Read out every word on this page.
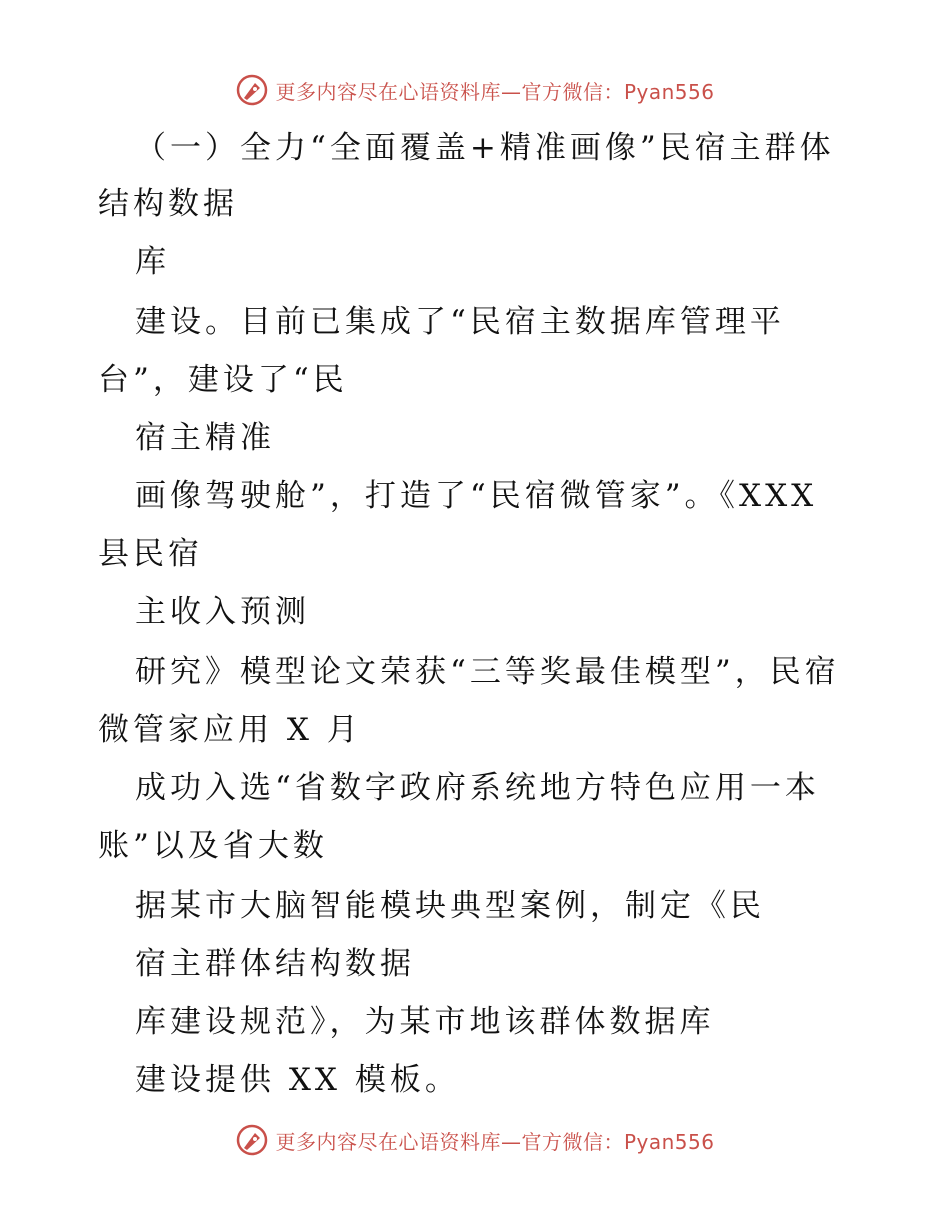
更多内容尽在心语资料库—官方微信：Pyan556
（一）全力“全面覆盖+精准画像”民宿主群体
结构数据
库
建设。目前已集成了“民宿主数据库管理平
台”，建设了“民
宿主精准
画像驾驶舱”，打造了“民宿微管家”。《XXX
县民宿
主收入预测
研究》模型论文荣获“三等奖最佳模型”，民宿
微管家应用 X 月
成功入选“省数字政府系统地方特色应用一本
账”以及省大数
据某市大脑智能模块典型案例，制定《民
宿主群体结构数据
库建设规范》，为某市地该群体数据库
建设提供 XX 模板。
更多内容尽在心语资料库—官方微信：Pyan556
